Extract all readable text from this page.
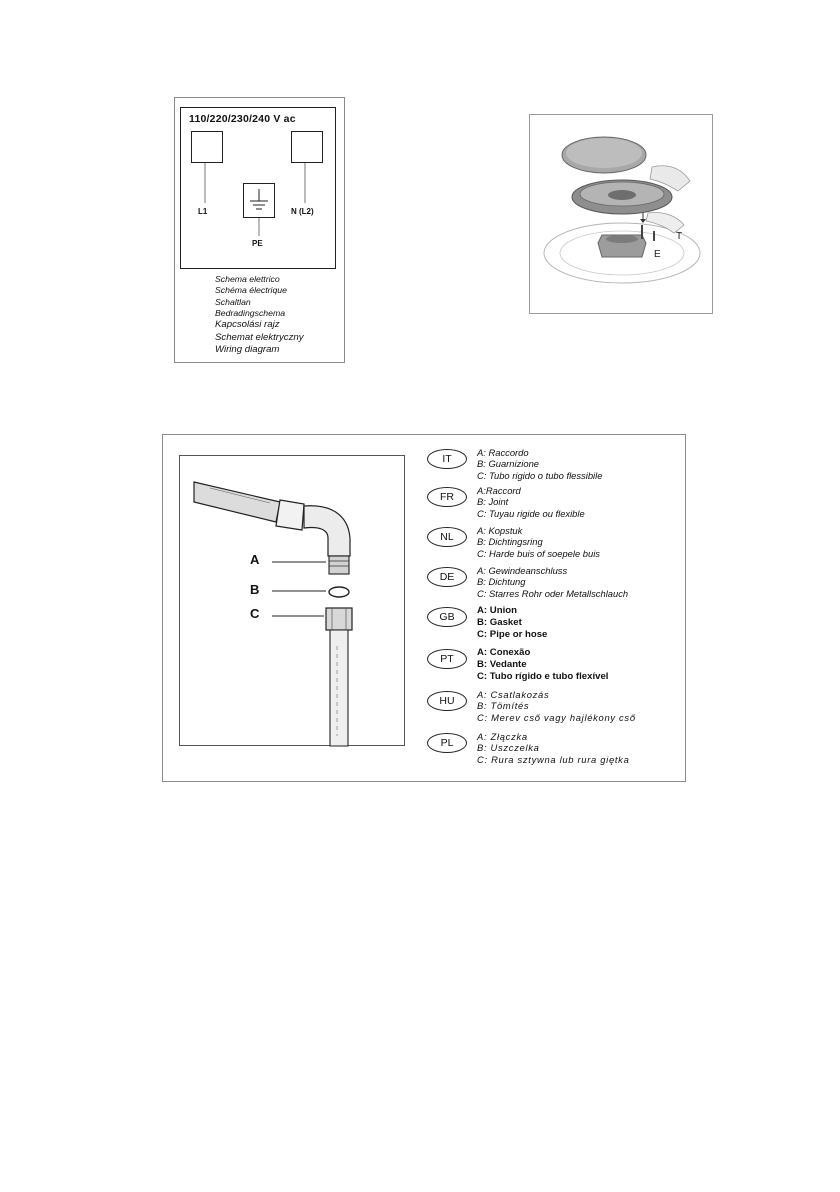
110/220/230/240 V ac
L1	N (L2)
PE
Schema elettrico
Schéma électrique
Schaltlan
Bedradingschema
Kapcsolási rajz
Schemat elektryczny
Wiring diagram
T
E
A
B
C
IT
A: Raccordo
B: Guarnizione
C: Tubo rigido o tubo flessibile
FR
A:Raccord
B: Joint
C: Tuyau rigide ou flexible
NL
A: Kopstuk
B: Dichtingsring
C: Harde buis of soepele buis
DE
A: Gewindeanschluss
B: Dichtung
C: Starres Rohr oder Metallschlauch
GB
A: Union
B: Gasket
C: Pipe or hose
PT
A: Conexão
B: Vedante
C: Tubo rígido e tubo flexível
HU
A: Csatlakozás
B: Tömítés
C: Merev cső vagy hajlékony cső
PL
A: Złączka
B: Uszczelka
C: Rura sztywna lub rura giętka
